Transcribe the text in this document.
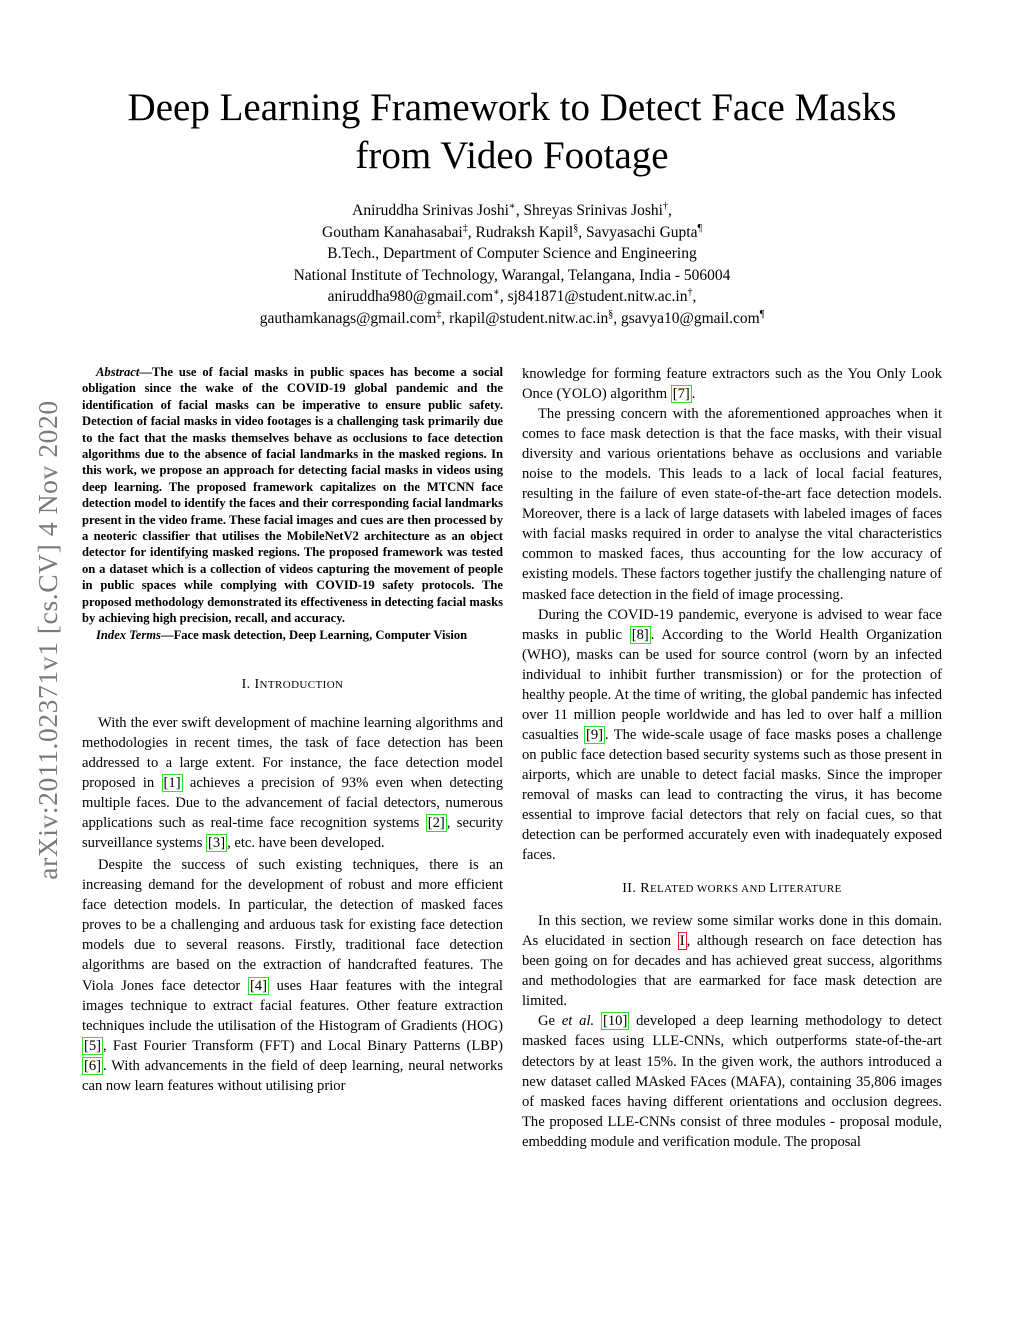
arXiv:2011.02371v1 [cs.CV] 4 Nov 2020
Deep Learning Framework to Detect Face Masks
from Video Footage
Aniruddha Srinivas Joshi∗, Shreyas Srinivas Joshi†,
Goutham Kanahasabai‡, Rudraksh Kapil§, Savyasachi Gupta¶
B.Tech., Department of Computer Science and Engineering
National Institute of Technology, Warangal, Telangana, India - 506004
aniruddha980@gmail.com∗, sj841871@student.nitw.ac.in†,
gauthamkanags@gmail.com‡, rkapil@student.nitw.ac.in§, gsavya10@gmail.com¶
Abstract—The use of facial masks in public spaces has become a social obligation since the wake of the COVID-19 global pandemic and the identification of facial masks can be imperative to ensure public safety. Detection of facial masks in video footages is a challenging task primarily due to the fact that the masks themselves behave as occlusions to face detection algorithms due to the absence of facial landmarks in the masked regions. In this work, we propose an approach for detecting facial masks in videos using deep learning. The proposed framework capitalizes on the MTCNN face detection model to identify the faces and their corresponding facial landmarks present in the video frame. These facial images and cues are then processed by a neoteric classifier that utilises the MobileNetV2 architecture as an object detector for identifying masked regions. The proposed framework was tested on a dataset which is a collection of videos capturing the movement of people in public spaces while complying with COVID-19 safety protocols. The proposed methodology demonstrated its effectiveness in detecting facial masks by achieving high precision, recall, and accuracy.
Index Terms—Face mask detection, Deep Learning, Computer Vision
I. INTRODUCTION

With the ever swift development of machine learning algorithms and methodologies in recent times, the task of face detection has been addressed to a large extent. For instance, the face detection model proposed in [1] achieves a precision of 93% even when detecting multiple faces. Due to the advancement of facial detectors, numerous applications such as real-time face recognition systems [2] , security surveillance systems [3] , etc. have been developed.

Despite the success of such existing techniques, there is an increasing demand for the development of robust and more efficient face detection models. In particular, the detection of masked faces proves to be a challenging and arduous task for existing face detection models due to several reasons. Firstly, traditional face detection algorithms are based on the extraction of handcrafted features. The Viola Jones face detector [4] uses Haar features with the integral images technique to extract facial features. Other feature extraction techniques include the utilisation of the Histogram of Gradients (HOG) [5] , Fast Fourier Transform (FFT) and Local Binary Patterns (LBP) [6] . With advancements in the field of deep learning, neural networks can now learn features without utilising prior

knowledge for forming feature extractors such as the You Only Look Once (YOLO) algorithm [7] .

The pressing concern with the aforementioned approaches when it comes to face mask detection is that the face masks, with their visual diversity and various orientations behave as occlusions and variable noise to the models. This leads to a lack of local facial features, resulting in the failure of even state-of-the-art face detection models. Moreover, there is a lack of large datasets with labeled images of faces with facial masks required in order to analyse the vital characteristics common to masked faces, thus accounting for the low accuracy of existing models. These factors together justify the challenging nature of masked face detection in the field of image processing.

During the COVID-19 pandemic, everyone is advised to wear face masks in public [8] . According to the World Health Organization (WHO), masks can be used for source control (worn by an infected individual to inhibit further transmission) or for the protection of healthy people. At the time of writing, the global pandemic has infected over 11 million people worldwide and has led to over half a million casualties [9] . The wide-scale usage of face masks poses a challenge on public face detection based security systems such as those present in airports, which are unable to detect facial masks. Since the improper removal of masks can lead to contracting the virus, it has become essential to improve facial detectors that rely on facial cues, so that detection can be performed accurately even with inadequately exposed faces.

II. RELATED WORKS AND LITERATURE

In this section, we review some similar works done in this domain. As elucidated in section I , although research on face detection has been going on for decades and has achieved great success, algorithms and methodologies that are earmarked for face mask detection are limited.

Ge et al. [10] developed a deep learning methodology to detect masked faces using LLE-CNNs, which outperforms state-of-the-art detectors by at least 15%. In the given work, the authors introduced a new dataset called MAsked FAces (MAFA), containing 35,806 images of masked faces having different orientations and occlusion degrees. The proposed LLE-CNNs consist of three modules - proposal module, embedding module and verification module. The proposal
